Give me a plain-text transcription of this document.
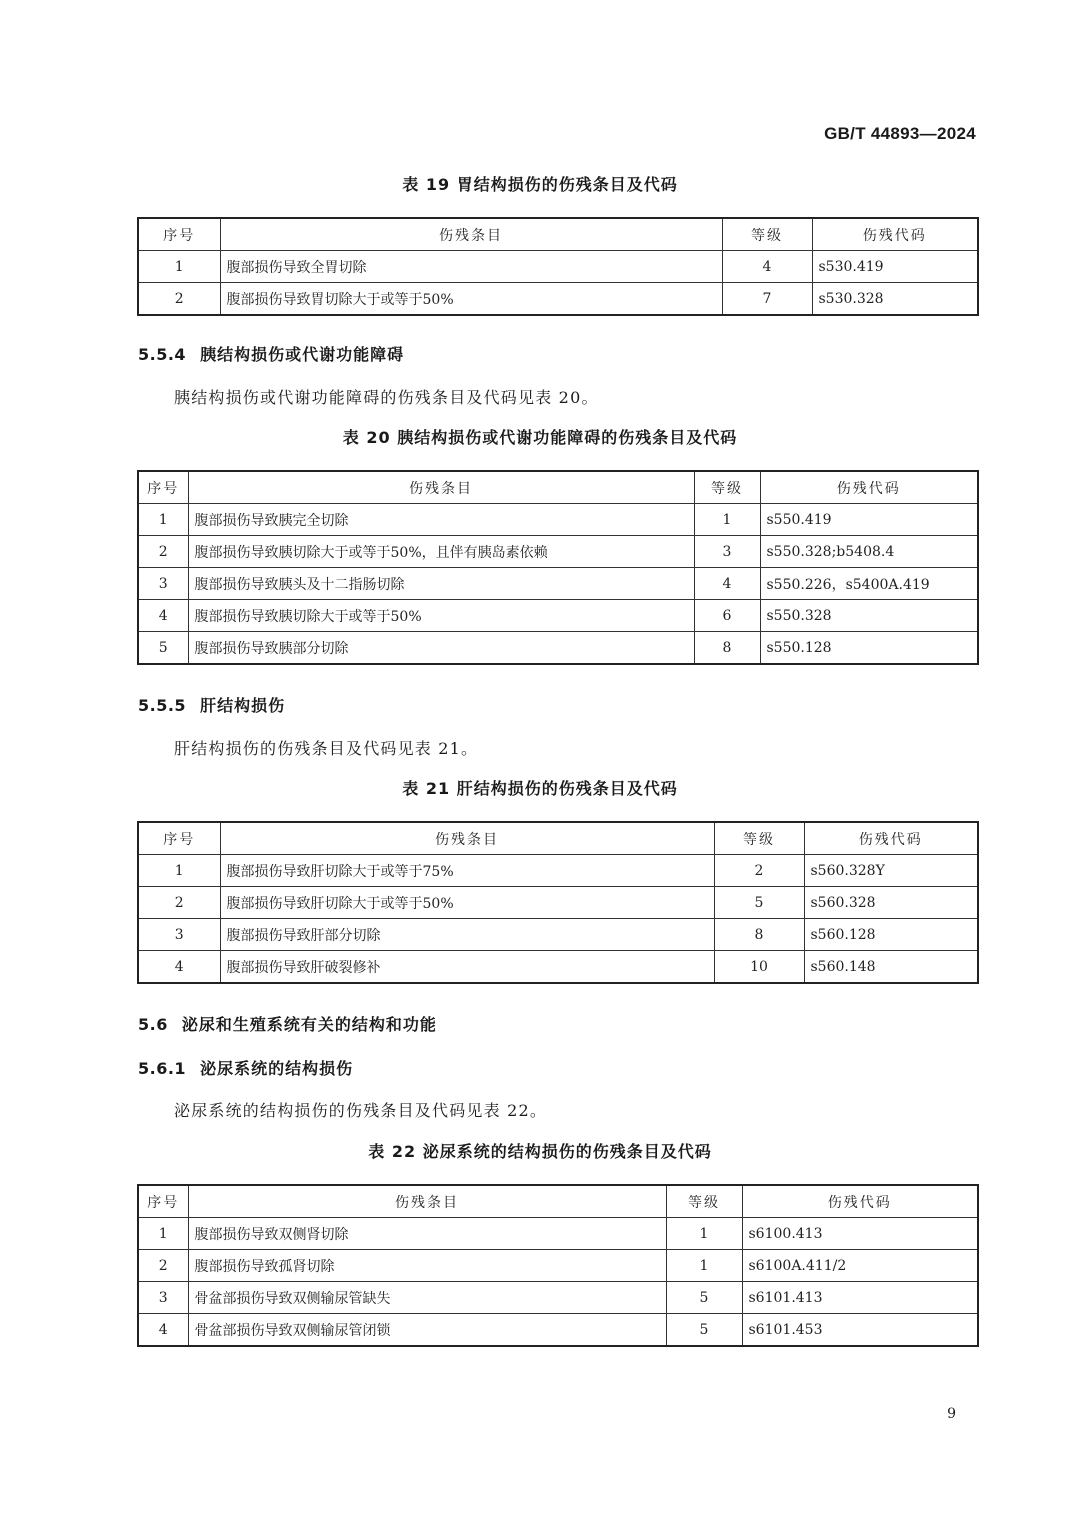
GB/T 44893—2024
表 19 胃结构损伤的伤残条目及代码
序号	伤残条目	等级	伤残代码
1	腹部损伤导致全胃切除	4	s530.419
2	腹部损伤导致胃切除大于或等于50%	7	s530.328
5.5.4 胰结构损伤或代谢功能障碍
胰结构损伤或代谢功能障碍的伤残条目及代码见表 20。
表 20 胰结构损伤或代谢功能障碍的伤残条目及代码
序号	伤残条目	等级	伤残代码
1	腹部损伤导致胰完全切除	1	s550.419
2	腹部损伤导致胰切除大于或等于50%，且伴有胰岛素依赖	3	s550.328;b5408.4
3	腹部损伤导致胰头及十二指肠切除	4	s550.226，s5400A.419
4	腹部损伤导致胰切除大于或等于50%	6	s550.328
5	腹部损伤导致胰部分切除	8	s550.128
5.5.5 肝结构损伤
肝结构损伤的伤残条目及代码见表 21。
表 21 肝结构损伤的伤残条目及代码
序号	伤残条目	等级	伤残代码
1	腹部损伤导致肝切除大于或等于75%	2	s560.328Y
2	腹部损伤导致肝切除大于或等于50%	5	s560.328
3	腹部损伤导致肝部分切除	8	s560.128
4	腹部损伤导致肝破裂修补	10	s560.148
5.6 泌尿和生殖系统有关的结构和功能
5.6.1 泌尿系统的结构损伤
泌尿系统的结构损伤的伤残条目及代码见表 22。
表 22 泌尿系统的结构损伤的伤残条目及代码
序号	伤残条目	等级	伤残代码
1	腹部损伤导致双侧肾切除	1	s6100.413
2	腹部损伤导致孤肾切除	1	s6100A.411/2
3	骨盆部损伤导致双侧输尿管缺失	5	s6101.413
4	骨盆部损伤导致双侧输尿管闭锁	5	s6101.453
9
